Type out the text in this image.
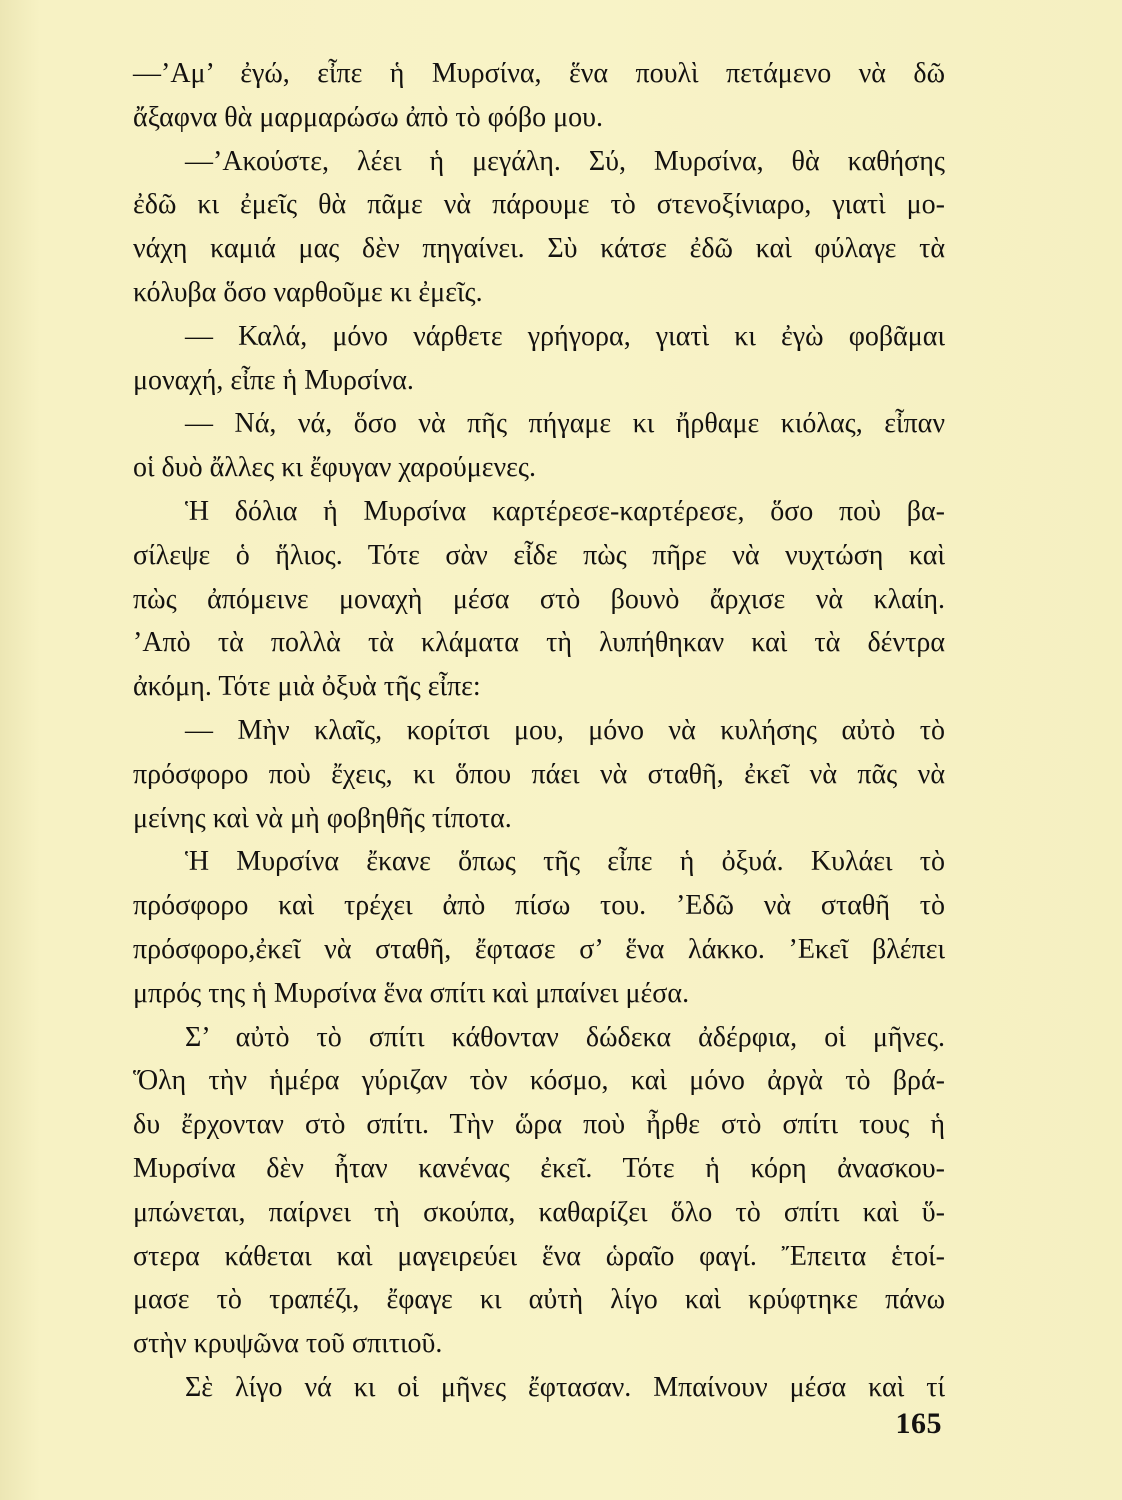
—’Αμ’ ἐγώ, εἶπε ἡ Μυρσίνα, ἕνα πουλὶ πετάμενο νὰ δῶ
ἄξαφνα θὰ μαρμαρώσω ἀπὸ τὸ φόβο μου.
—’Ακούστε, λέει ἡ μεγάλη. Σύ, Μυρσίνα, θὰ καθήσης
ἐδῶ κι ἐμεῖς θὰ πᾶμε νὰ πάρουμε τὸ στενοξίνιαρο, γιατὶ μο-
νάχη καμιά μας δὲν πηγαίνει. Σὺ κάτσε ἐδῶ καὶ φύλαγε τὰ
κόλυβα ὅσο ναρθοῦμε κι ἐμεῖς.
— Καλά, μόνο νάρθετε γρήγορα, γιατὶ κι ἐγὼ φοβᾶμαι
μοναχή, εἶπε ἡ Μυρσίνα.
— Νά, νά, ὅσο νὰ πῆς πήγαμε κι ἤρθαμε κιόλας, εἶπαν
οἱ δυὸ ἄλλες κι ἔφυγαν χαρούμενες.
Ἡ δόλια ἡ Μυρσίνα καρτέρεσε-καρτέρεσε, ὅσο ποὺ βα-
σίλεψε ὁ ἥλιος. Τότε σὰν εἶδε πὼς πῆρε νὰ νυχτώση καὶ
πὼς ἀπόμεινε μοναχὴ μέσα στὸ βουνὸ ἄρχισε νὰ κλαίη.
’Απὸ τὰ πολλὰ τὰ κλάματα τὴ λυπήθηκαν καὶ τὰ δέντρα
ἀκόμη. Τότε μιὰ ὀξυὰ τῆς εἶπε:
— Μὴν κλαῖς, κορίτσι μου, μόνο νὰ κυλήσης αὐτὸ τὸ
πρόσφορο ποὺ ἔχεις, κι ὅπου πάει νὰ σταθῆ, ἐκεῖ νὰ πᾶς νὰ
μείνης καὶ νὰ μὴ φοβηθῆς τίποτα.
Ἡ Μυρσίνα ἔκανε ὅπως τῆς εἶπε ἡ ὀξυά. Κυλάει τὸ
πρόσφορο καὶ τρέχει ἀπὸ πίσω του. ’Εδῶ νὰ σταθῆ τὸ
πρόσφορο,ἐκεῖ νὰ σταθῆ, ἔφτασε σ’ ἕνα λάκκο. ’Εκεῖ βλέπει
μπρός της ἡ Μυρσίνα ἕνα σπίτι καὶ μπαίνει μέσα.
Σ’ αὐτὸ τὸ σπίτι κάθονταν δώδεκα ἀδέρφια, οἱ μῆνες.
Ὅλη τὴν ἡμέρα γύριζαν τὸν κόσμο, καὶ μόνο ἀργὰ τὸ βρά-
δυ ἔρχονταν στὸ σπίτι. Τὴν ὥρα ποὺ ἦρθε στὸ σπίτι τους ἡ
Μυρσίνα δὲν ἦταν κανένας ἐκεῖ. Τότε ἡ κόρη ἀνασκου-
μπώνεται, παίρνει τὴ σκούπα, καθαρίζει ὅλο τὸ σπίτι καὶ ὕ-
στερα κάθεται καὶ μαγειρεύει ἕνα ὡραῖο φαγί. Ἔπειτα ἑτοί-
μασε τὸ τραπέζι, ἔφαγε κι αὐτὴ λίγο καὶ κρύφτηκε πάνω
στὴν κρυψῶνα τοῦ σπιτιοῦ.
Σὲ λίγο νά κι οἱ μῆνες ἔφτασαν. Μπαίνουν μέσα καὶ τί
165
